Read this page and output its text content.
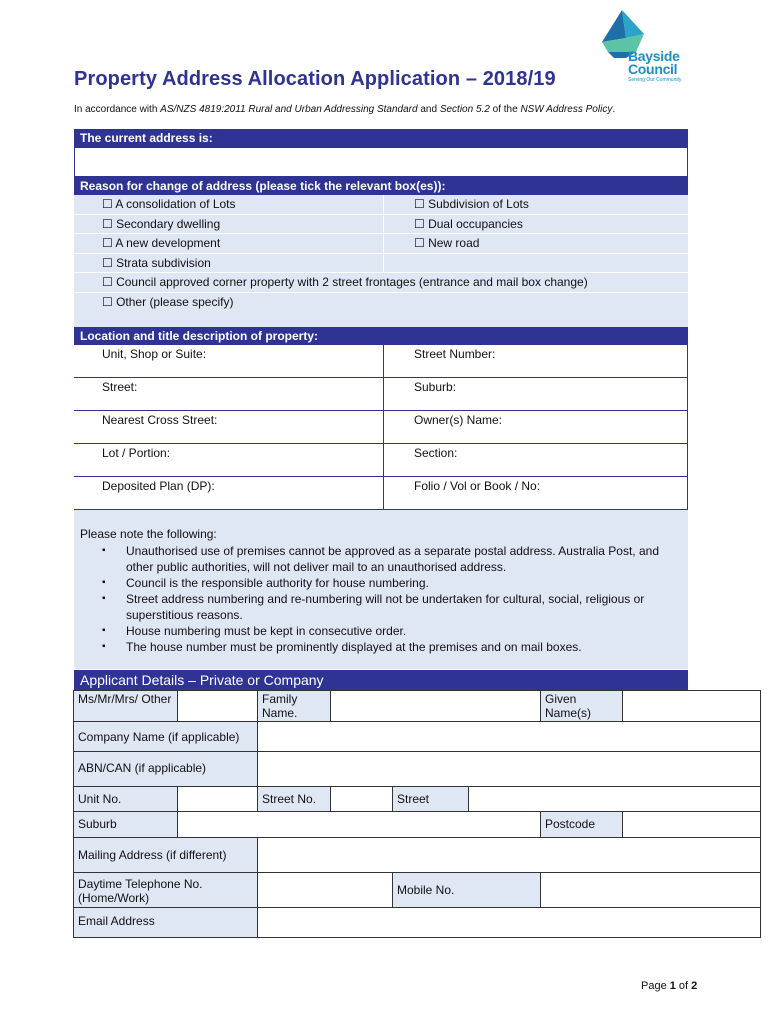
Bayside
Council
Serving Our Community
Property Address Allocation Application – 2018/19
In accordance with AS/NZS 4819:2011 Rural and Urban Addressing Standard and Section 5.2 of the NSW Address Policy.
The current address is:
Reason for change of address (please tick the relevant box(es)):
☐ A consolidation of Lots	☐ Subdivision of Lots
☐ Secondary dwelling	☐ Dual occupancies
☐ A new development	☐ New road
☐ Strata subdivision
☐ Council approved corner property with 2 street frontages (entrance and mail box change)
☐ Other (please specify)
Location and title description of property:
Unit, Shop or Suite:	Street Number:
Street:	Suburb:
Nearest Cross Street:	Owner(s) Name:
Lot / Portion:	Section:
Deposited Plan (DP):	Folio / Vol or Book / No:
Please note the following:
▪ Unauthorised use of premises cannot be approved as a separate postal address. Australia Post, and other public authorities, will not deliver mail to an unauthorised address.
▪ Council is the responsible authority for house numbering.
▪ Street address numbering and re-numbering will not be undertaken for cultural, social, religious or superstitious reasons.
▪ House numbering must be kept in consecutive order.
▪ The house number must be prominently displayed at the premises and on mail boxes.
Applicant Details – Private or Company
Ms/Mr/Mrs/ Other		Family Name.				Given Name(s)	
Company Name (if applicable)							
ABN/CAN (if applicable)							
Unit No.		Street No.		Street			
Suburb						Postcode	
Mailing Address (if different)							
Daytime Telephone No. (Home/Work)				Mobile No.			
Email Address							
Page 1 of 2
